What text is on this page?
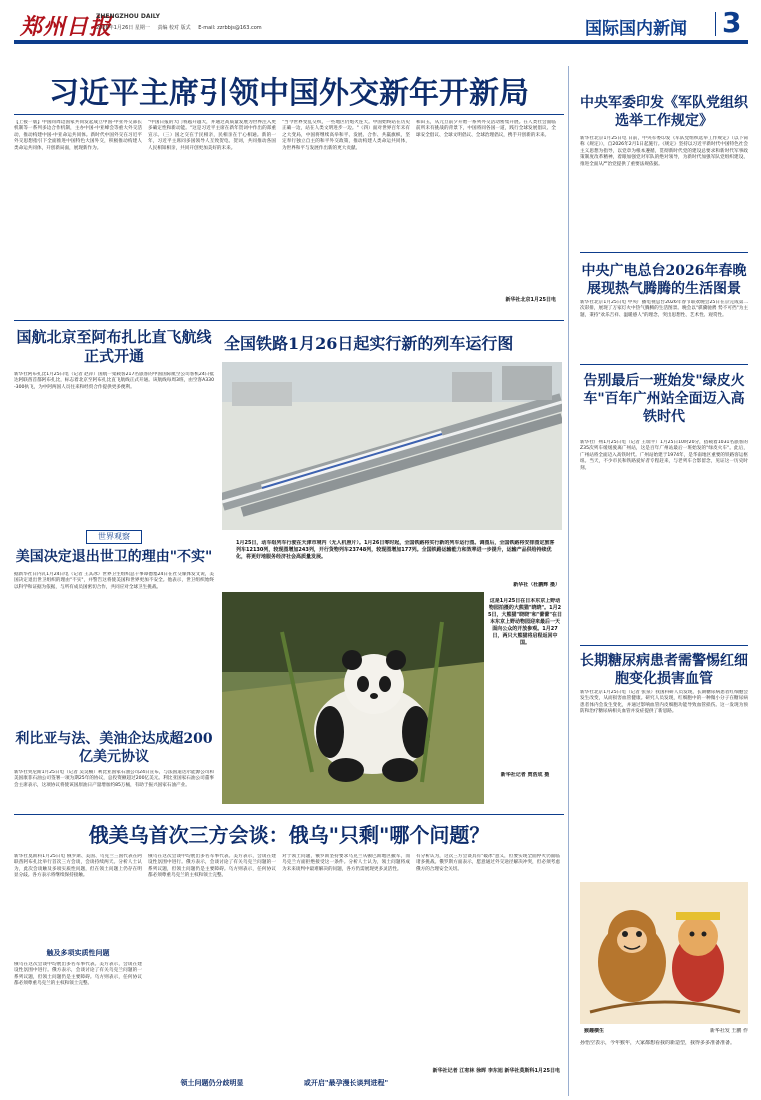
郑州日报
ZHENGZHOU DAILY
2026年1月26日 星期一 责编 校对 版式 E-mail: zzrbbjs@163.com	国际国内新闻 3
习近平主席引领中国外交新年开新局
【上接一版】中国同周边国家共同发起成立中国-中亚外交部长机制等一系列多边合作机制，主办中国-中亚峰会等重大外交活动，推动构建中国-中亚命运共同体。新时代中国外交在习近平外交思想指引下全面推进中国特色大国外交，积极推动构建人类命运共同体，开创新局面，展现新作为。
"中国日报的大门将越开越大，并通过高质量发展为世界注入更多确定性和新动能。"这是习近平主席在新年贺词中作出的郑重宣示。（三）国之交在于民相亲，民相亲在于心相通。新的一年，习近平主席同多国领导人互致贺电、贺词，共同推动各国人民相知相亲，共同开创更加美好的未来。
"当今世界变乱交织，一些地区仍炮火连天。中国始终站在历史正确一边，站在人类文明进步一边。"（四）面对世界百年未有之大变局，中国将继续高举和平、发展、合作、共赢旗帜，坚定奉行独立自主的和平外交政策，推动构建人类命运共同体，为世界和平与发展作出新的更大贡献。
和田玉，从元旦前夕开始一系列外交活动密集开展。在人类社会面临前所未有挑战的背景下，中国将同各国一道，践行全球发展倡议、全球安全倡议、全球文明倡议、全球治理倡议，携手开创新的未来。
新华社北京1月25日电
中央军委印发《军队党组织选举工作规定》
新华社北京1月25日电 日前，中央军委印发《军队党组织选举工作规定》（以下简称《规定》），自2026年2月1日起施行。《规定》坚持以习近平新时代中国特色社会主义思想为指导，以党章为根本遵循，贯彻新时代党的建设总要求和新时代军事政策制度改革精神，着眼加强党对军队的绝对领导，为新时代加强军队党组织建设、推进全面从严治党提供了重要法规依据。
中央广电总台2026年春晚展现热气腾腾的生活图景
新华社北京1月25日电 中央广播电视总台2026年春节联欢晚会25日在京完成第二次彩排，展现了万家灯火中热气腾腾的生活图景。晚会以"骐骥驰骋 势不可挡"为主题，秉持"欢乐吉祥、温暖感人"的理念，突出思想性、艺术性、观赏性。
告别最后一班始发"绿皮火车"百年广州站全面迈入高铁时代
新华社广州1月25日电（记者 王瑞平）1月25日10时20分，搭载着1031名旅客的Z35次列车缓缓驶离广州站，这是百年广州站最后一班始发的"绿皮火车"。此后，广州站将全面迈入高铁时代。广州站始建于1974年，是华南地区重要的铁路客运枢纽。当天，不少市民和铁路爱好者专程赶来，与老列车合影留念，见证这一历史时刻。
长期糖尿病患者需警惕红细胞变化损害血管
新华社北京1月25日电（记者 张泉）我国科研人员发现，长期糖尿病患者红细胞会发生改变，从而损害血管健康。研究人员发现，红细胞中的一种微小分子在糖尿病患者体内会发生变化，并通过影响血管内皮细胞功能导致血管损伤。这一发现为预防和治疗糖尿病相关血管并发症提供了新思路。
猴趣横生	新华社发 王鹏 作
孙悟空表示，今年猴年，大家都想看我的新造型，我得多多准备准备。
国航北京至阿布扎比直飞航线正式开通
新华社阿布扎比1月25日电（记者 赵萍）国航一架载客217名旅客的中国国际航空公司客机24日抵达阿联酋首都阿布扎比，标志着北京至阿布扎比直飞航线正式开通。该航线每周3班，由空客A330-300执飞，为中阿两国人员往来和经贸合作提供更多便利。
全国铁路1月26日起实行新的列车运行图
1月25日，动车组列车行驶在天津市境内（无人机照片）。1月26日零时起，全国铁路将实行新的列车运行图。调图后，全国铁路将安排图定旅客列车12130列，较现图增加243列，开行货物列车23748列，较现图增加177列。全国铁路运输能力和效率进一步提升，运输产品供给持续优化，将更好地服务经济社会高质量发展。
新华社（杜鹏辉 摄）
世界观察
美国决定退出世卫的理由"不实"
据新华社日内瓦1月24日电（记者 王其冰）世界卫生组织总干事谭德塞24日在社交媒体发文说，美国决定退出世卫组织的理由"不实"，并警告这将使美国和世界更加不安全。他表示，世卫组织始终以科学和证据为依据，与所有成员国密切合作，共同应对全球卫生挑战。
这是1月25日在日本东京上野动物园拍摄的大熊猫"晓晓"。1月25日，大熊猫"晓晓"和"蕾蕾"在日本东京上野动物园迎来最后一天面向公众的开放参观。1月27日，两只大熊猫将启程返回中国。
新华社记者 贾浩成 摄
利比亚与法、美油企达成超200亿美元协议
新华社突尼斯1月25日电（记者 吴昊楠）利比亚国家石油公司24日宣布，与法国道达尔能源公司和美国康菲石油公司签署一项为期25年的协议，总投资额超过200亿美元。利比亚国家石油公司董事会主席表示，这项协议将使该国原油日产量增加约85万桶，有助于振兴国家石油产业。
俄美乌首次三方会谈：俄乌"只剩"哪个问题？
新华社莫斯科1月25日电 俄罗斯、美国、乌克兰三国代表在阿联酋阿布扎比举行首次三方会谈，会谈持续两天。分析人士认为，此次会谈触及多项实质性问题，但在领土问题上仍存在明显分歧。各方表示将继续保持接触。
触及多项实质性问题
俄乌在这次会谈中均展出多名军事代表。美方表示，会谈在建设性氛围中进行。俄方表示，会谈讨论了有关乌克兰问题的一系列议题，但领土问题仍是主要障碍。乌方则表示，任何协议都必须尊重乌克兰的主权和领土完整。
俄乌在这次会谈中均展出多名军事代表。美方表示，会谈在建设性氛围中进行。俄方表示，会谈讨论了有关乌克兰问题的一系列议题，但领土问题仍是主要障碍。乌方则表示，任何协议都必须尊重乌克兰的主权和领土完整。
领土问题仍分歧明显
对于领土问题，俄罗斯坚持要求乌克兰从顿巴斯地区撤军，而乌克兰方面拒绝接受这一条件。分析人士认为，领土问题将成为未来谈判中最难解决的问题，各方仍需展现更多灵活性。
或开启"最孕漫长谈判进程"
有分析认为，这次三方会谈具有"破冰"意义，但要实现全面停火仍面临诸多挑战。俄罗斯方面表示，愿意通过外交途径解决冲突，但必须考虑俄方的合理安全关切。
新华社记者 江宥林 徐晖 李东旭 新华社莫斯科1月25日电
